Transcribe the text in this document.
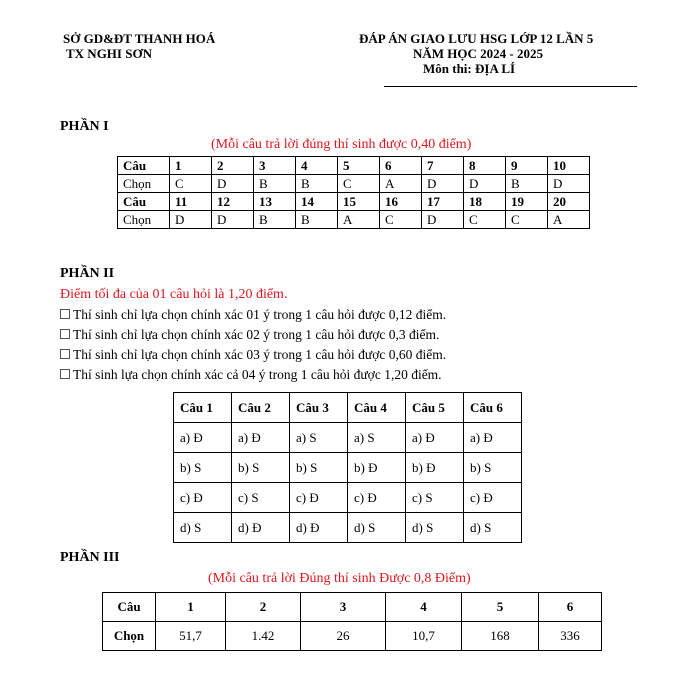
SỞ GD&ĐT THANH HOÁ
TX NGHI SƠN
ĐÁP ÁN GIAO LƯU HSG LỚP 12 LẦN 5
NĂM HỌC 2024 - 2025
Môn thi: ĐỊA LÍ
PHẦN I
(Mỗi câu trả lời đúng thí sinh được 0,40 điểm)
Câu	1	2	3	4	5	6	7	8	9	10
Chọn	C	D	B	B	C	A	D	D	B	D
Câu	11	12	13	14	15	16	17	18	19	20
Chọn	D	D	B	B	A	C	D	C	C	A
PHẦN II
Điểm tối đa của 01 câu hỏi là 1,20 điểm.
Thí sinh chỉ lựa chọn chính xác 01 ý trong 1 câu hỏi được 0,12 điểm.
Thí sinh chỉ lựa chọn chính xác 02 ý trong 1 câu hỏi được 0,3 điểm.
Thí sinh chỉ lựa chọn chính xác 03 ý trong 1 câu hỏi được 0,60 điểm.
Thí sinh lựa chọn chính xác cả 04 ý trong 1 câu hỏi được 1,20 điểm.
Câu 1	Câu 2	Câu 3	Câu 4	Câu 5	Câu 6
a) Đ	a) Đ	a) S	a) S	a) Đ	a) Đ
b) S	b) S	b) S	b) Đ	b) Đ	b) S
c) Đ	c) S	c) Đ	c) Đ	c) S	c) Đ
d) S	d) Đ	d) Đ	d) S	d) S	d) S
PHẦN III
(Mỗi câu trả lời Đúng thí sinh Được 0,8 Điểm)
Câu	1	2	3	4	5	6
Chọn	51,7	1.42	26	10,7	168	336
